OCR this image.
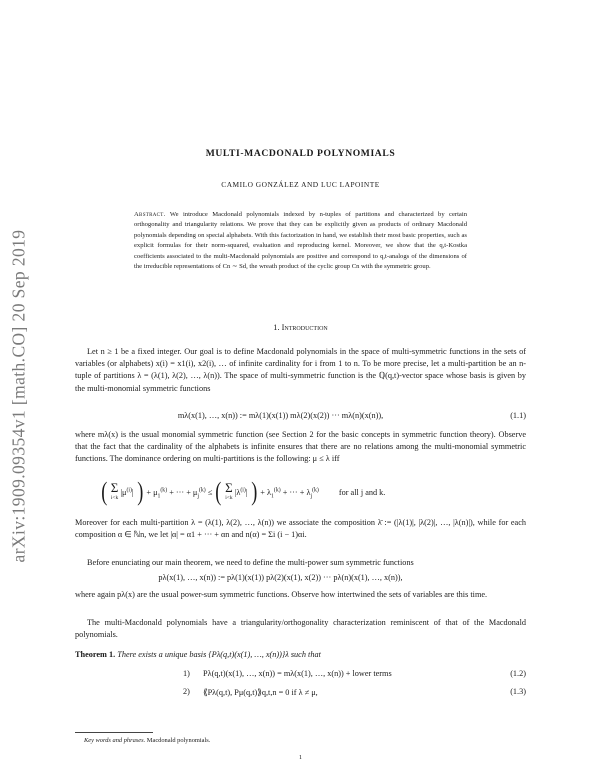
arXiv:1909.09354v1 [math.CO] 20 Sep 2019
MULTI-MACDONALD POLYNOMIALS
CAMILO GONZÁLEZ AND LUC LAPOINTE
Abstract. We introduce Macdonald polynomials indexed by n-tuples of partitions and characterized by certain orthogonality and triangularity relations. We prove that they can be explicitly given as products of ordinary Macdonald polynomials depending on special alphabets. With this factorization in hand, we establish their most basic properties, such as explicit formulas for their norm-squared, evaluation and reproducing kernel. Moreover, we show that the q,t-Kostka coefficients associated to the multi-Macdonald polynomials are positive and correspond to q,t-analogs of the dimensions of the irreducible representations of Cn ∼ Sd, the wreath product of the cyclic group Cn with the symmetric group.
1. Introduction
Let n ≥ 1 be a fixed integer. Our goal is to define Macdonald polynomials in the space of multi-symmetric functions in the sets of variables (or alphabets) x(i) = x1(i), x2(i), … of infinite cardinality for i from 1 to n. To be more precise, let a multi-partition be an n-tuple of partitions λ = (λ(1), λ(2), …, λ(n)). The space of multi-symmetric function is the ℚ(q,t)-vector space whose basis is given by the multi-monomial symmetric functions
mλ(x(1), …, x(n)) := mλ(1)(x(1)) mλ(2)(x(2)) ··· mλ(n)(x(n)),	(1.1)
where mλ(x) is the usual monomial symmetric function (see Section 2 for the basic concepts in symmetric function theory). Observe that the fact that the cardinality of the alphabets is infinite ensures that there are no relations among the multi-monomial symmetric functions. The dominance ordering on multi-partitions is the following: μ ≤ λ iff
( Σ
i<k
$|\mu^{(i)}|$ ) + $\mu_1^{(k)}$ + ··· + $\mu_j^{(k)}$ ≤ ( Σ
i<k
$|\lambda^{(i)}|$ ) + $\lambda_1^{(k)}$ + ··· + $\lambda_j^{(k)}$ for all j and k.
Moreover for each multi-partition λ = (λ(1), λ(2), …, λ(n)) we associate the composition λ̄ := (|λ(1)|, |λ(2)|, …, |λ(n)|), while for each composition α ∈ ℕn, we let |α| = α1 + ··· + αn and n(α) = Σi (i − 1)αi.
Before enunciating our main theorem, we need to define the multi-power sum symmetric functions
pλ(x(1), …, x(n)) := pλ(1)(x(1)) pλ(2)(x(1), x(2)) ··· pλ(n)(x(1), …, x(n)),
where again pλ(x) are the usual power-sum symmetric functions. Observe how intertwined the sets of variables are this time.
The multi-Macdonald polynomials have a triangularity/orthogonality characterization reminiscent of that of the Macdonald polynomials.
Theorem 1. There exists a unique basis {Pλ(q,t)(x(1), …, x(n))}λ such that
1) Pλ(q,t)(x(1), …, x(n)) = mλ(x(1), …, x(n)) + lower terms	(1.2)
2) ⟪Pλ(q,t), Pμ(q,t)⟫q,t,n = 0 if λ ≠ μ,	(1.3)
Key words and phrases. Macdonald polynomials.
1
